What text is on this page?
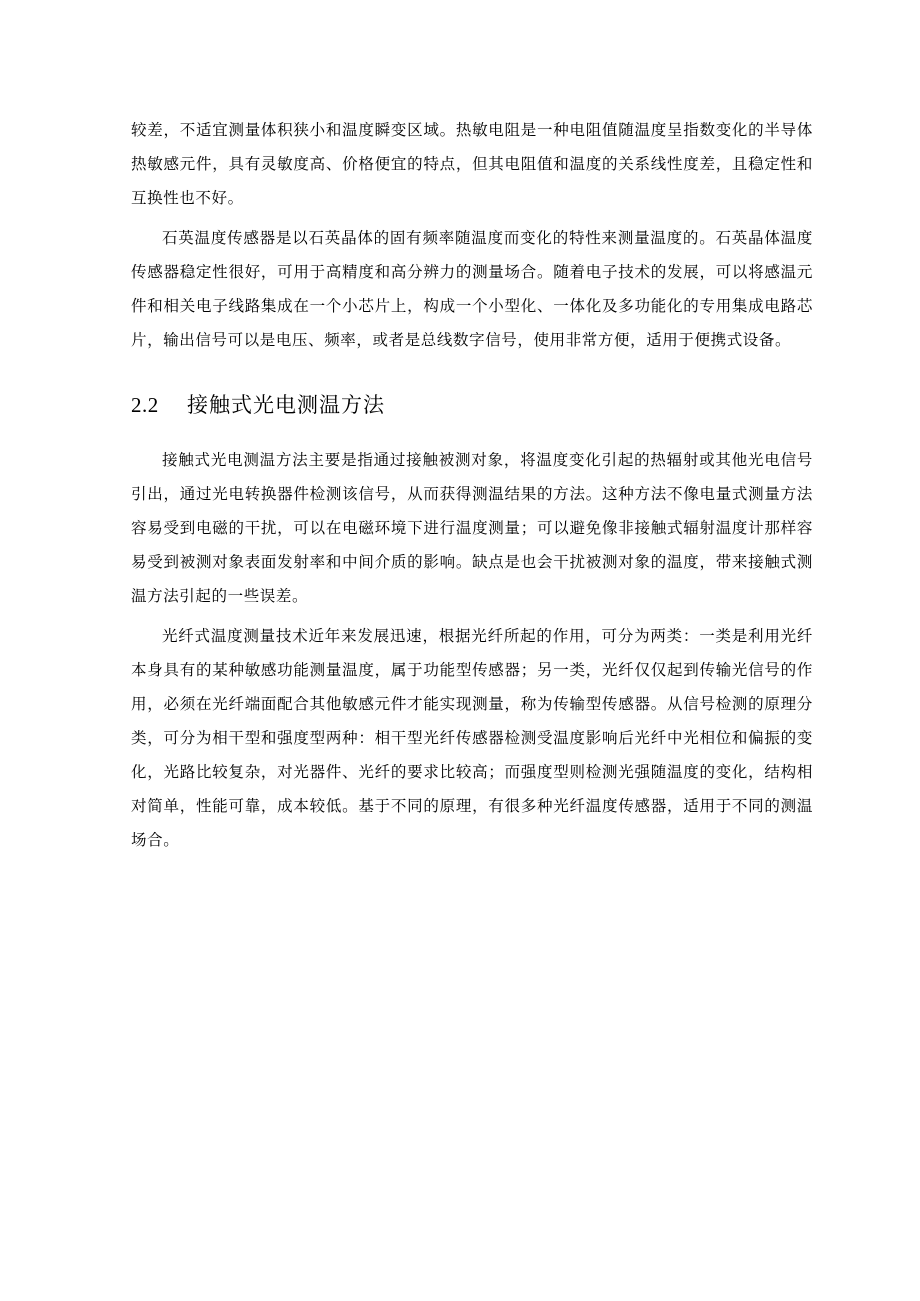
较差，不适宜测量体积狭小和温度瞬变区域。热敏电阻是一种电阻值随温度呈指数变化的半导体热敏感元件，具有灵敏度高、价格便宜的特点，但其电阻值和温度的关系线性度差，且稳定性和互换性也不好。

石英温度传感器是以石英晶体的固有频率随温度而变化的特性来测量温度的。石英晶体温度传感器稳定性很好，可用于高精度和高分辨力的测量场合。随着电子技术的发展，可以将感温元件和相关电子线路集成在一个小芯片上，构成一个小型化、一体化及多功能化的专用集成电路芯片，输出信号可以是电压、频率，或者是总线数字信号，使用非常方便，适用于便携式设备。

2.2	接触式光电测温方法

接触式光电测温方法主要是指通过接触被测对象，将温度变化引起的热辐射或其他光电信号引出，通过光电转换器件检测该信号，从而获得测温结果的方法。这种方法不像电量式测量方法容易受到电磁的干扰，可以在电磁环境下进行温度测量；可以避免像非接触式辐射温度计那样容易受到被测对象表面发射率和中间介质的影响。缺点是也会干扰被测对象的温度，带来接触式测温方法引起的一些误差。

光纤式温度测量技术近年来发展迅速，根据光纤所起的作用，可分为两类：一类是利用光纤本身具有的某种敏感功能测量温度，属于功能型传感器；另一类，光纤仅仅起到传输光信号的作用，必须在光纤端面配合其他敏感元件才能实现测量，称为传输型传感器。从信号检测的原理分类，可分为相干型和强度型两种：相干型光纤传感器检测受温度影响后光纤中光相位和偏振的变化，光路比较复杂，对光器件、光纤的要求比较高；而强度型则检测光强随温度的变化，结构相对简单，性能可靠，成本较低。基于不同的原理，有很多种光纤温度传感器，适用于不同的测温场合。
